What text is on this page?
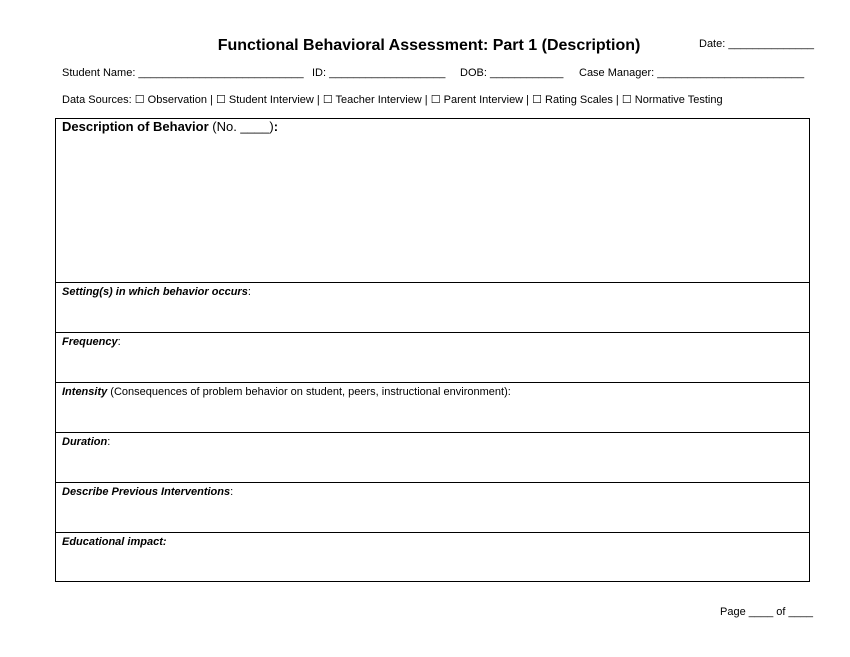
Functional Behavioral Assessment: Part 1 (Description)	Date: ______________
Student Name: ___________________________ ID: ___________________ DOB: ____________ Case Manager: ________________________
Data Sources: ☐ Observation | ☐ Student Interview | ☐ Teacher Interview | ☐ Parent Interview | ☐ Rating Scales | ☐ Normative Testing
Description of Behavior (No. ____):
Setting(s) in which behavior occurs:
Frequency:
Intensity (Consequences of problem behavior on student, peers, instructional environment):
Duration:
Describe Previous Interventions:
Educational impact:
Page ____ of ____
